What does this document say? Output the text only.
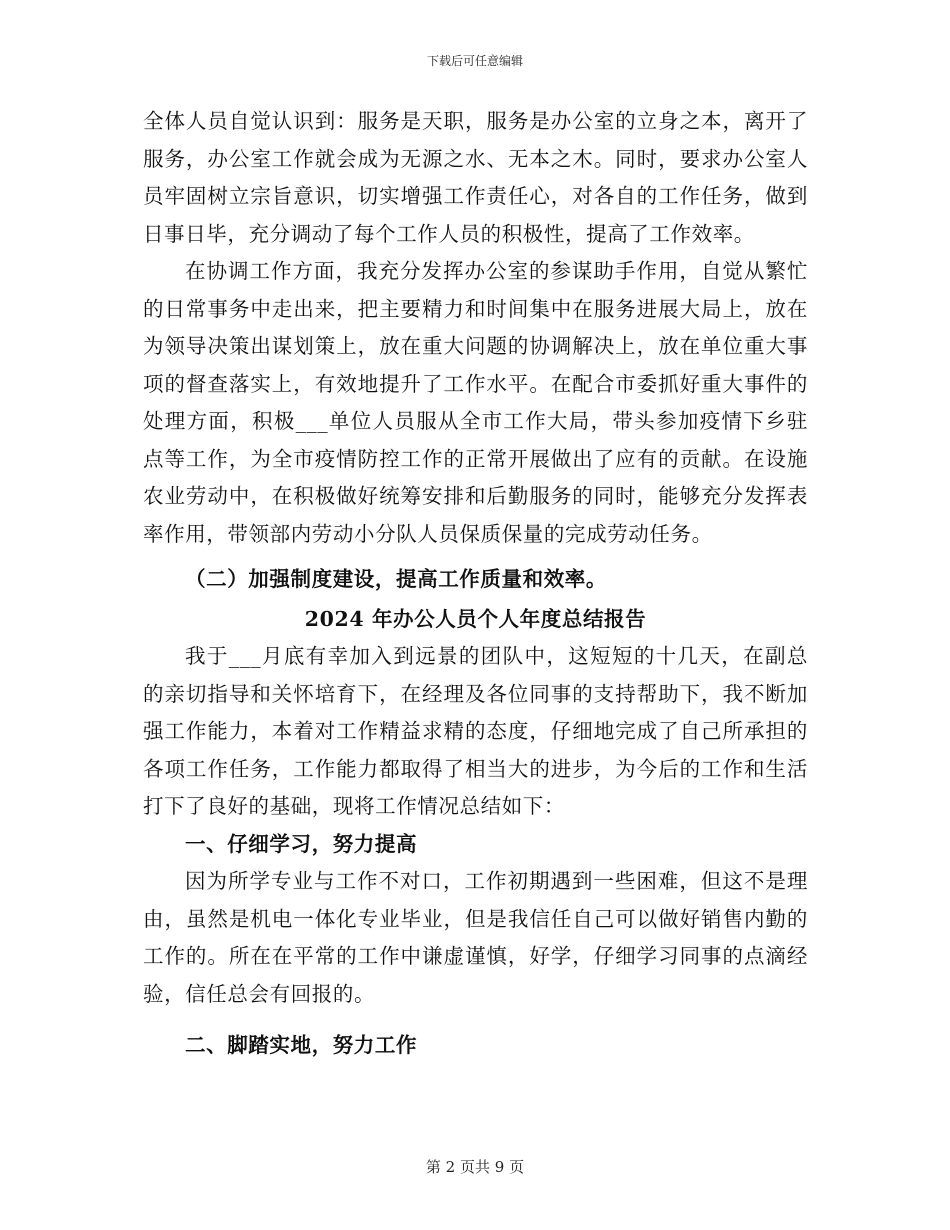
下载后可任意编辑

全体人员自觉认识到：服务是天职，服务是办公室的立身之本，离开了服务，办公室工作就会成为无源之水、无本之木。同时，要求办公室人员牢固树立宗旨意识，切实增强工作责任心，对各自的工作任务，做到日事日毕，充分调动了每个工作人员的积极性，提高了工作效率。

在协调工作方面，我充分发挥办公室的参谋助手作用，自觉从繁忙的日常事务中走出来，把主要精力和时间集中在服务进展大局上，放在为领导决策出谋划策上，放在重大问题的协调解决上，放在单位重大事项的督查落实上，有效地提升了工作水平。在配合市委抓好重大事件的处理方面，积极___单位人员服从全市工作大局，带头参加疫情下乡驻点等工作，为全市疫情防控工作的正常开展做出了应有的贡献。在设施农业劳动中，在积极做好统筹安排和后勤服务的同时，能够充分发挥表率作用，带领部内劳动小分队人员保质保量的完成劳动任务。

（二）加强制度建设，提高工作质量和效率。

2024 年办公人员个人年度总结报告

我于___月底有幸加入到远景的团队中，这短短的十几天，在副总的亲切指导和关怀培育下，在经理及各位同事的支持帮助下，我不断加强工作能力，本着对工作精益求精的态度，仔细地完成了自己所承担的各项工作任务，工作能力都取得了相当大的进步，为今后的工作和生活打下了良好的基础，现将工作情况总结如下：

一、仔细学习，努力提高

因为所学专业与工作不对口，工作初期遇到一些困难，但这不是理由，虽然是机电一体化专业毕业，但是我信任自己可以做好销售内勤的工作的。所在在平常的工作中谦虚谨慎，好学，仔细学习同事的点滴经验，信任总会有回报的。

二、脚踏实地，努力工作

第 2 页共 9 页
